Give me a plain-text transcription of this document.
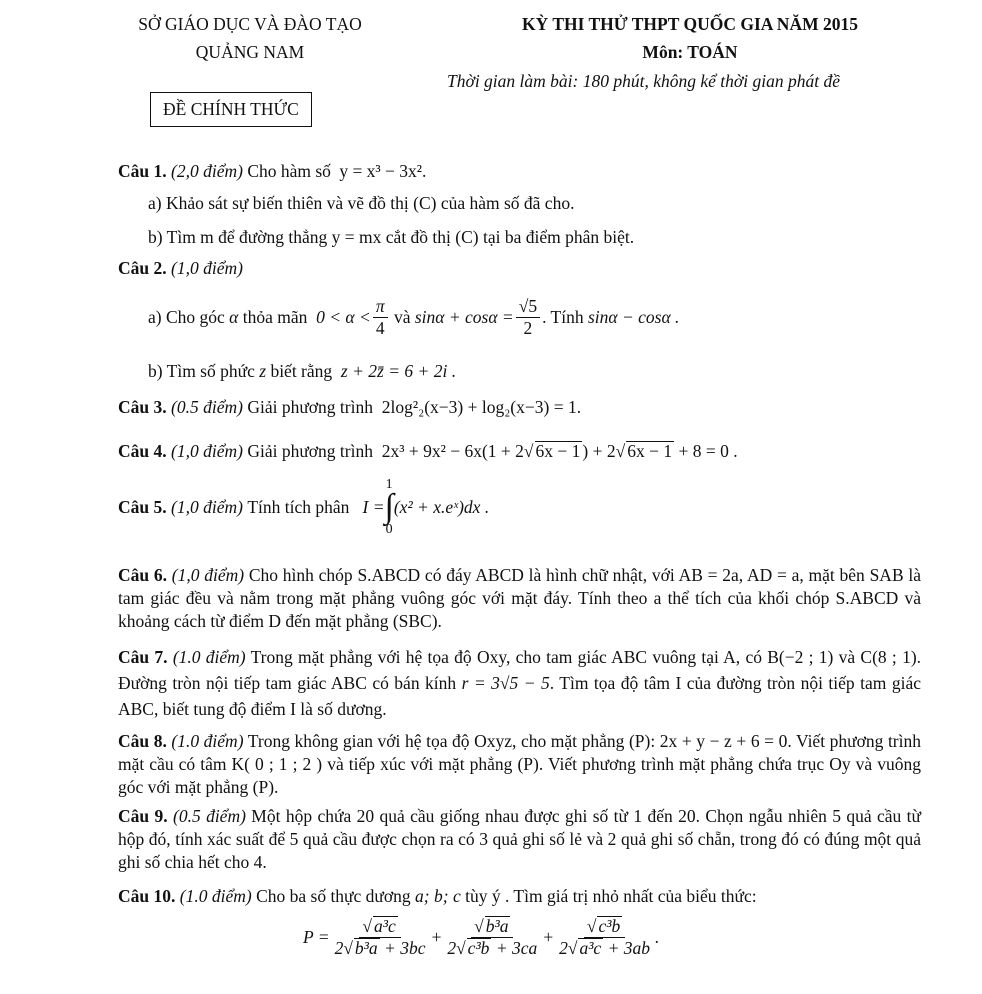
SỞ GIÁO DỤC VÀ ĐÀO TẠO
QUẢNG NAM
KỲ THI THỬ THPT QUỐC GIA NĂM 2015
Môn: TOÁN
Thời gian làm bài: 180 phút, không kể thời gian phát đề
ĐỀ CHÍNH THỨC
Câu 1. (2,0 điểm) Cho hàm số y = x³ − 3x².
a) Khảo sát sự biến thiên và vẽ đồ thị (C) của hàm số đã cho.
b) Tìm m để đường thẳng y = mx cắt đồ thị (C) tại ba điểm phân biệt.
Câu 2. (1,0 điểm)
a) Cho góc
α
thỏa mãn
$0 < \alpha < \frac{\pi}{4}$
và
$\sin\alpha + \cos\alpha = \frac{√5}{2}$ . Tính
sinα − cosα .
b) Tìm số phức z biết rằng z + 2z̄ = 6 + 2i .
Câu 3. (0.5 điểm) Giải phương trình 2log²₂(x−3) + log₂(x−3) = 1.
Câu 4. (1,0 điểm) Giải phương trình 2x³ + 9x² − 6x(1 + 2√ 6x − 1 ) + 2√ 6x − 1 + 8 = 0 .
Câu 5.
(1,0 điểm)
Tính tích phân
I =
1
∫
0
(x² + x.eˣ)dx .
Câu 6. (1,0 điểm) Cho hình chóp S.ABCD có đáy ABCD là hình chữ nhật, với AB = 2a, AD = a, mặt bên SAB là tam giác đều và nằm trong mặt phẳng vuông góc với mặt đáy. Tính theo a thể tích của khối chóp S.ABCD và khoảng cách từ điểm D đến mặt phẳng (SBC).
Câu 7. (1.0 điểm) Trong mặt phẳng với hệ tọa độ Oxy, cho tam giác ABC vuông tại A, có B(−2 ; 1) và C(8 ; 1). Đường tròn nội tiếp tam giác ABC có bán kính r = 3√5 − 5. Tìm tọa độ tâm I của đường tròn nội tiếp tam giác ABC, biết tung độ điểm I là số dương.
Câu 8. (1.0 điểm) Trong không gian với hệ tọa độ Oxyz, cho mặt phẳng (P): 2x + y − z + 6 = 0. Viết phương trình mặt cầu có tâm K( 0 ; 1 ; 2 ) và tiếp xúc với mặt phẳng (P). Viết phương trình mặt phẳng chứa trục Oy và vuông góc với mặt phẳng (P).
Câu 9. (0.5 điểm) Một hộp chứa 20 quả cầu giống nhau được ghi số từ 1 đến 20. Chọn ngẫu nhiên 5 quả cầu từ hộp đó, tính xác suất để 5 quả cầu được chọn ra có 3 quả ghi số lẻ và 2 quả ghi số chẵn, trong đó có đúng một quả ghi số chia hết cho 4.
Câu 10. (1.0 điểm) Cho ba số thực dương a; b; c tùy ý . Tìm giá trị nhỏ nhất của biểu thức:
$P = \frac{\text{√ a³c}}{\text{2√ b³a + 3bc}} + \frac{\text{√ b³a}}{\text{2√ c³b + 3ca}} + \frac{\text{√ c³b}}{\text{2√ a³c + 3ab}}$ .
